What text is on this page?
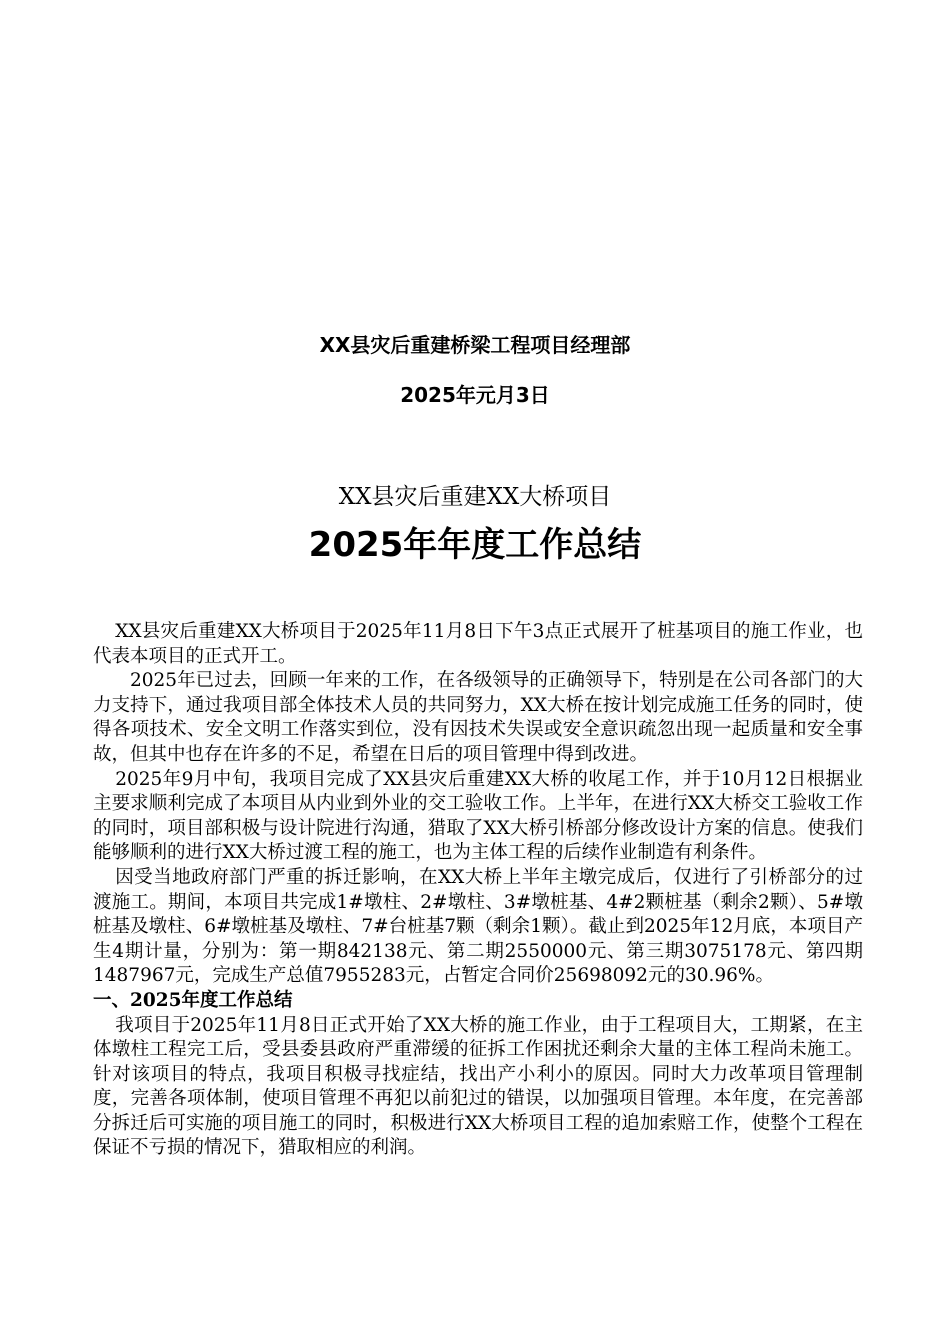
XX县灾后重建桥梁工程项目经理部
2025年元月3日
XX县灾后重建XX大桥项目
2025年年度工作总结

XX县灾后重建XX大桥项目于2025年11月8日下午3点正式展开了桩基项目的施工作业，也代表本项目的正式开工。

2025年已过去，回顾一年来的工作，在各级领导的正确领导下，特别是在公司各部门的大力支持下，通过我项目部全体技术人员的共同努力，XX大桥在按计划完成施工任务的同时，使得各项技术、安全文明工作落实到位，没有因技术失误或安全意识疏忽出现一起质量和安全事故，但其中也存在许多的不足，希望在日后的项目管理中得到改进。

2025年9月中旬，我项目完成了XX县灾后重建XX大桥的收尾工作，并于10月12日根据业主要求顺利完成了本项目从内业到外业的交工验收工作。上半年，在进行XX大桥交工验收工作的同时，项目部积极与设计院进行沟通，猎取了XX大桥引桥部分修改设计方案的信息。使我们能够顺利的进行XX大桥过渡工程的施工，也为主体工程的后续作业制造有利条件。

因受当地政府部门严重的拆迁影响，在XX大桥上半年主墩完成后，仅进行了引桥部分的过渡施工。期间，本项目共完成1#墩柱、2#墩柱、3#墩桩基、4#2颗桩基（剩余2颗）、5#墩桩基及墩柱、6#墩桩基及墩柱、7#台桩基7颗（剩余1颗）。截止到2025年12月底，本项目产生4期计量，分别为：第一期842138元、第二期2550000元、第三期3075178元、第四期1487967元，完成生产总值7955283元，占暂定合同价25698092元的30.96%。

一、2025年度工作总结

我项目于2025年11月8日正式开始了XX大桥的施工作业，由于工程项目大，工期紧，在主体墩柱工程完工后，受县委县政府严重滞缓的征拆工作困扰还剩余大量的主体工程尚未施工。针对该项目的特点，我项目积极寻找症结，找出产小利小的原因。同时大力改革项目管理制度，完善各项体制，使项目管理不再犯以前犯过的错误，以加强项目管理。本年度，在完善部分拆迁后可实施的项目施工的同时，积极进行XX大桥项目工程的追加索赔工作，使整个工程在保证不亏损的情况下，猎取相应的利润。
